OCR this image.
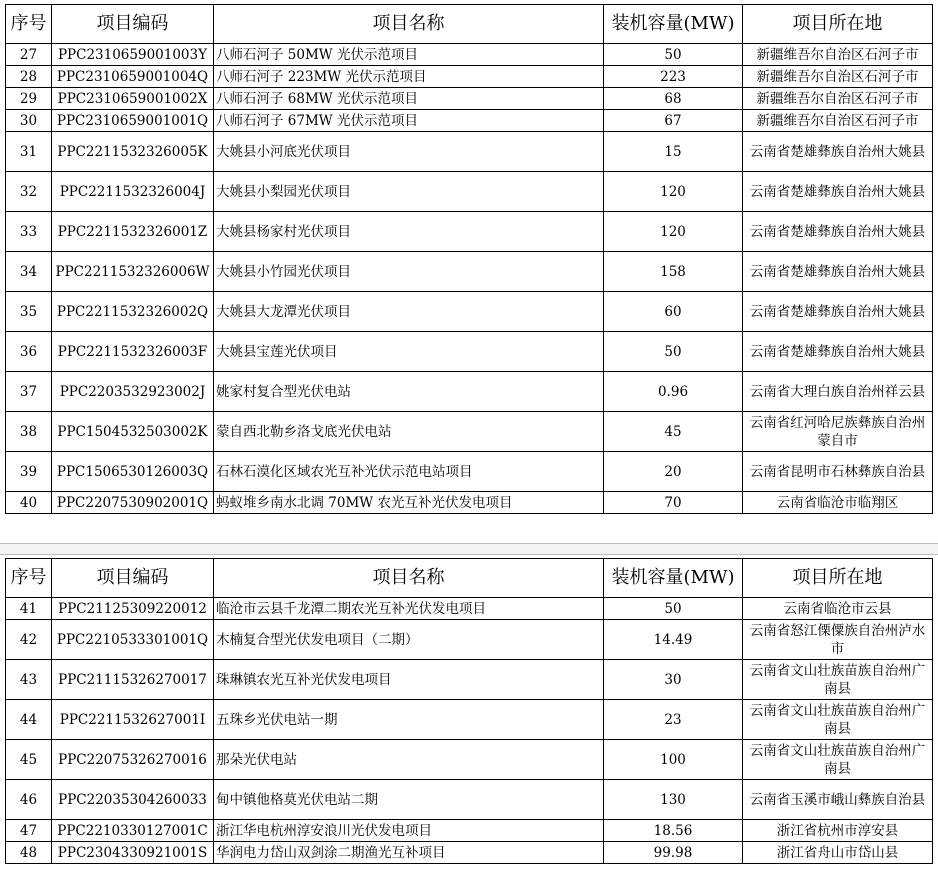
序号	项目编码	项目名称	装机容量(MW)	项目所在地
27	PPC2310659001003Y	八师石河子 50MW 光伏示范项目	50	新疆维吾尔自治区石河子市
28	PPC2310659001004Q	八师石河子 223MW 光伏示范项目	223	新疆维吾尔自治区石河子市
29	PPC2310659001002X	八师石河子 68MW 光伏示范项目	68	新疆维吾尔自治区石河子市
30	PPC2310659001001Q	八师石河子 67MW 光伏示范项目	67	新疆维吾尔自治区石河子市
31	PPC2211532326005K	大姚县小河底光伏项目	15	云南省楚雄彝族自治州大姚县
32	PPC2211532326004J	大姚县小梨园光伏项目	120	云南省楚雄彝族自治州大姚县
33	PPC2211532326001Z	大姚县杨家村光伏项目	120	云南省楚雄彝族自治州大姚县
34	PPC2211532326006W	大姚县小竹园光伏项目	158	云南省楚雄彝族自治州大姚县
35	PPC2211532326002Q	大姚县大龙潭光伏项目	60	云南省楚雄彝族自治州大姚县
36	PPC2211532326003F	大姚县宝莲光伏项目	50	云南省楚雄彝族自治州大姚县
37	PPC2203532923002J	姚家村复合型光伏电站	0.96	云南省大理白族自治州祥云县
38	PPC1504532503002K	蒙自西北勒乡洛戈底光伏电站	45	云南省红河哈尼族彝族自治州蒙自市
39	PPC1506530126003Q	石林石漠化区域农光互补光伏示范电站项目	20	云南省昆明市石林彝族自治县
40	PPC2207530902001Q	蚂蚁堆乡南水北调 70MW 农光互补光伏发电项目	70	云南省临沧市临翔区
序号	项目编码	项目名称	装机容量(MW)	项目所在地
41	PPC21125309220012	临沧市云县千龙潭二期农光互补光伏发电项目	50	云南省临沧市云县
42	PPC2210533301001Q	木楠复合型光伏发电项目（二期）	14.49	云南省怒江傈僳族自治州泸水市
43	PPC21115326270017	珠琳镇农光互补光伏发电项目	30	云南省文山壮族苗族自治州广南县
44	PPC2211532627001I	五珠乡光伏电站一期	23	云南省文山壮族苗族自治州广南县
45	PPC22075326270016	那朵光伏电站	100	云南省文山壮族苗族自治州广南县
46	PPC22035304260033	甸中镇他格莫光伏电站二期	130	云南省玉溪市峨山彝族自治县
47	PPC2210330127001C	浙江华电杭州淳安浪川光伏发电项目	18.56	浙江省杭州市淳安县
48	PPC2304330921001S	华润电力岱山双剑涂二期渔光互补项目	99.98	浙江省舟山市岱山县
